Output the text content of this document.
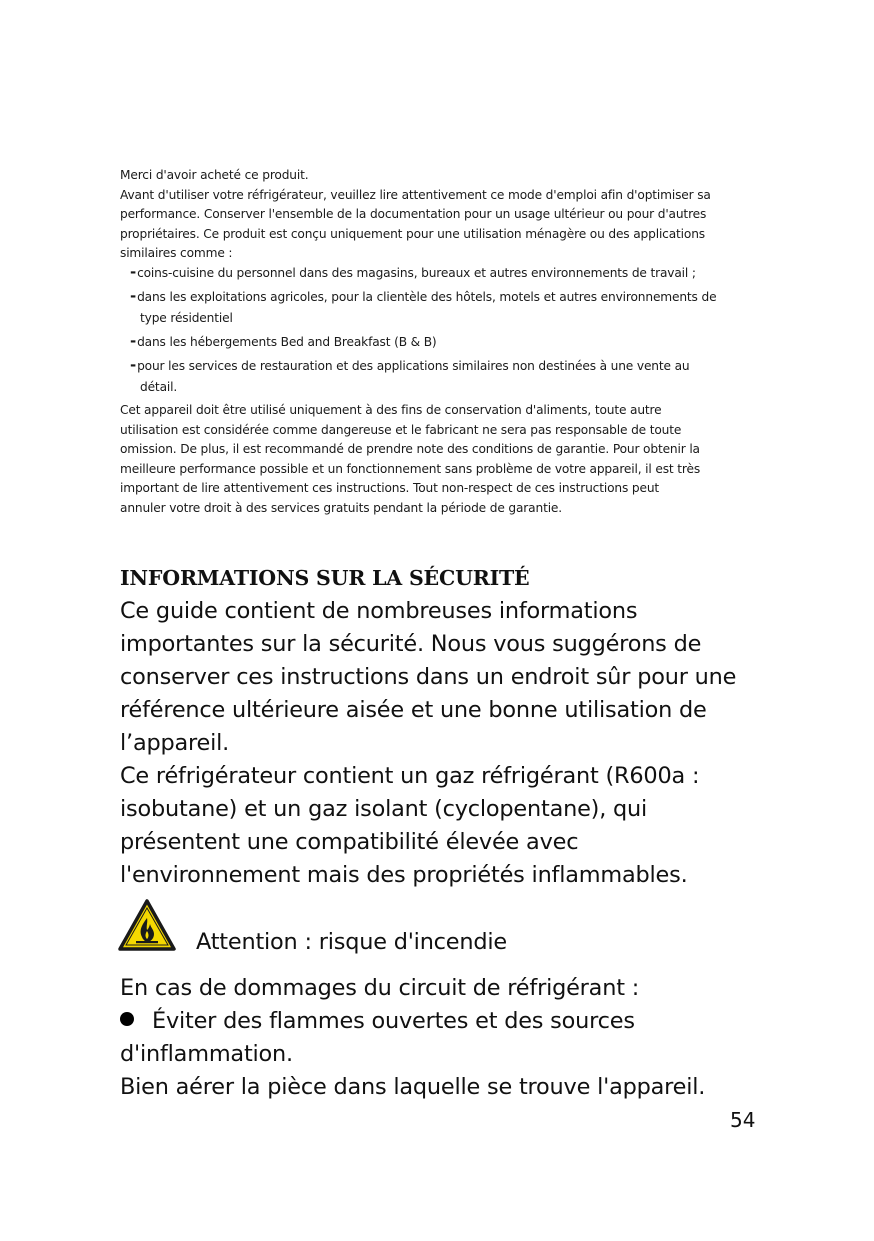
Merci d'avoir acheté ce produit.
Avant d'utiliser votre réfrigérateur, veuillez lire attentivement ce mode d'emploi afin d'optimiser sa
performance. Conserver l'ensemble de la documentation pour un usage ultérieur ou pour d'autres
propriétaires. Ce produit est conçu uniquement pour une utilisation ménagère ou des applications
similaires comme :
-coins-cuisine du personnel dans des magasins, bureaux et autres environnements de travail ;
-dans les exploitations agricoles, pour la clientèle des hôtels, motels et autres environnements de
type résidentiel
-dans les hébergements Bed and Breakfast (B & B)
-pour les services de restauration et des applications similaires non destinées à une vente au
détail.
Cet appareil doit être utilisé uniquement à des fins de conservation d'aliments, toute autre
utilisation est considérée comme dangereuse et le fabricant ne sera pas responsable de toute
omission. De plus, il est recommandé de prendre note des conditions de garantie. Pour obtenir la
meilleure performance possible et un fonctionnement sans problème de votre appareil, il est très
important de lire attentivement ces instructions. Tout non-respect de ces instructions peut
annuler votre droit à des services gratuits pendant la période de garantie.
INFORMATIONS SUR LA SÉCURITÉ
Ce guide contient de nombreuses informations
importantes sur la sécurité. Nous vous suggérons de
conserver ces instructions dans un endroit sûr pour une
référence ultérieure aisée et une bonne utilisation de
l’appareil.
Ce réfrigérateur contient un gaz réfrigérant (R600a :
isobutane) et un gaz isolant (cyclopentane), qui
présentent une compatibilité élevée avec
l'environnement mais des propriétés inflammables.
Attention : risque d'incendie
En cas de dommages du circuit de réfrigérant :
Éviter des flammes ouvertes et des sources
d'inflammation.
Bien aérer la pièce dans laquelle se trouve l'appareil.
54
